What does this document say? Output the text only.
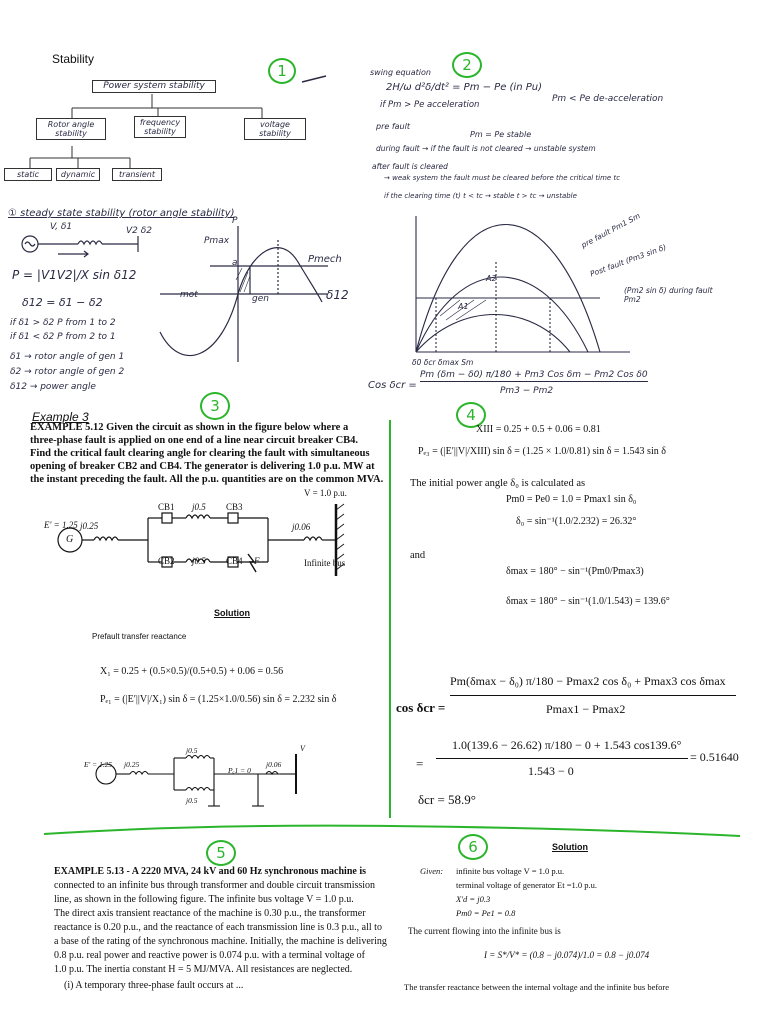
Stability
1
Power system stability
Rotor angle stability
frequency stability
voltage stability
static	dynamic	transient
① steady state stability (rotor angle stability)
V, δ1	V2 δ2
P = |V1V2|/X sin δ12
δ12 = δ1 − δ2
Pmax
P
Pmech
a
mot	gen	δ12
if δ1 > δ2 P from 1 to 2
if δ1 < δ2 P from 2 to 1
δ1 → rotor angle of gen 1
δ2 → rotor angle of gen 2
δ12 → power angle
2
swing equation
2H/ω d²δ/dt² = Pm − Pe (in Pu)
if Pm > Pe acceleration
Pm < Pe de-acceleration
pre fault
Pm = Pe stable
during fault → if the fault is not cleared → unstable system
after fault is cleared
→ weak system the fault must be cleared before the critical time tc
if the clearing time (t) t < tc → stable t > tc → unstable
pre fault Pm1 Sm
Post fault (Pm3 sin δ)
(Pm2 sin δ) during fault Pm2
A1
A2
δ0 δcr δmax Sm
Cos δcr =
Pm (δm − δ0) π/180 + Pm3 Cos δm − Pm2 Cos δ0
Pm3 − Pm2
3
Example 3
EXAMPLE 5.12 Given the circuit as shown in the figure below where a
three-phase fault is applied on one end of a line near circuit breaker CB4.
Find the critical fault clearing angle for clearing the fault with simultaneous
opening of breaker CB2 and CB4. The generator is delivering 1.0 p.u. MW at
the instant preceding the fault. All the p.u. quantities are on the common MVA.
V = 1.0 p.u.
E' = 1.25
G
j0.25
CB1 j0.5 CB3
j0.06
CB2 j0.5 CB4 F	Infinite bus
Solution
Prefault transfer reactance
X₁ = 0.25 + (0.5×0.5)/(0.5+0.5) + 0.06 = 0.56
Pₑ₁ = (|E′||V|/X₁) sin δ = (1.25×1.0/0.56) sin δ = 2.232 sin δ
E' = 1.25 j0.25
j0.5
j0.5
Pₑ1 = 0
j0.06
V
4
XIII = 0.25 + 0.5 + 0.06 = 0.81
Pₑ₃ = (|E′||V|/XIII) sin δ = (1.25 × 1.0/0.81) sin δ = 1.543 sin δ
The initial power angle δ₀ is calculated as
Pm0 = Pe0 = 1.0 = Pmax1 sin δ₀
δ₀ = sin⁻¹(1.0/2.232) = 26.32°
and
δmax = 180° − sin⁻¹(Pm0/Pmax3)
δmax = 180° − sin⁻¹(1.0/1.543) = 139.6°
cos δcr =
Pm(δmax − δ₀) π/180 − Pmax2 cos δ₀ + Pmax3 cos δmax
Pmax1 − Pmax2
1.0(139.6 − 26.62) π/180 − 0 + 1.543 cos139.6°
=	1.543 − 0
= 0.51640
δcr = 58.9°
5
EXAMPLE 5.13 - A 2220 MVA, 24 kV and 60 Hz synchronous machine is
connected to an infinite bus through transformer and double circuit transmission
line, as shown in the following figure. The infinite bus voltage V = 1.0 p.u.
The direct axis transient reactance of the machine is 0.30 p.u., the transformer
reactance is 0.20 p.u., and the reactance of each transmission line is 0.3 p.u., all to
a base of the rating of the synchronous machine. Initially, the machine is delivering
0.8 p.u. real power and reactive power is 0.074 p.u. with a terminal voltage of
1.0 p.u. The inertia constant H = 5 MJ/MVA. All resistances are neglected.
(i) A temporary three-phase fault occurs at ...
6	Solution
Given: infinite bus voltage V = 1.0 p.u.
terminal voltage of generator Et =1.0 p.u.
X′d = j0.3
Pm0 = Pe1 = 0.8
The current flowing into the infinite bus is
I = S*/V* = (0.8 − j0.074)/1.0 = 0.8 − j0.074
The transfer reactance between the internal voltage and the infinite bus before
